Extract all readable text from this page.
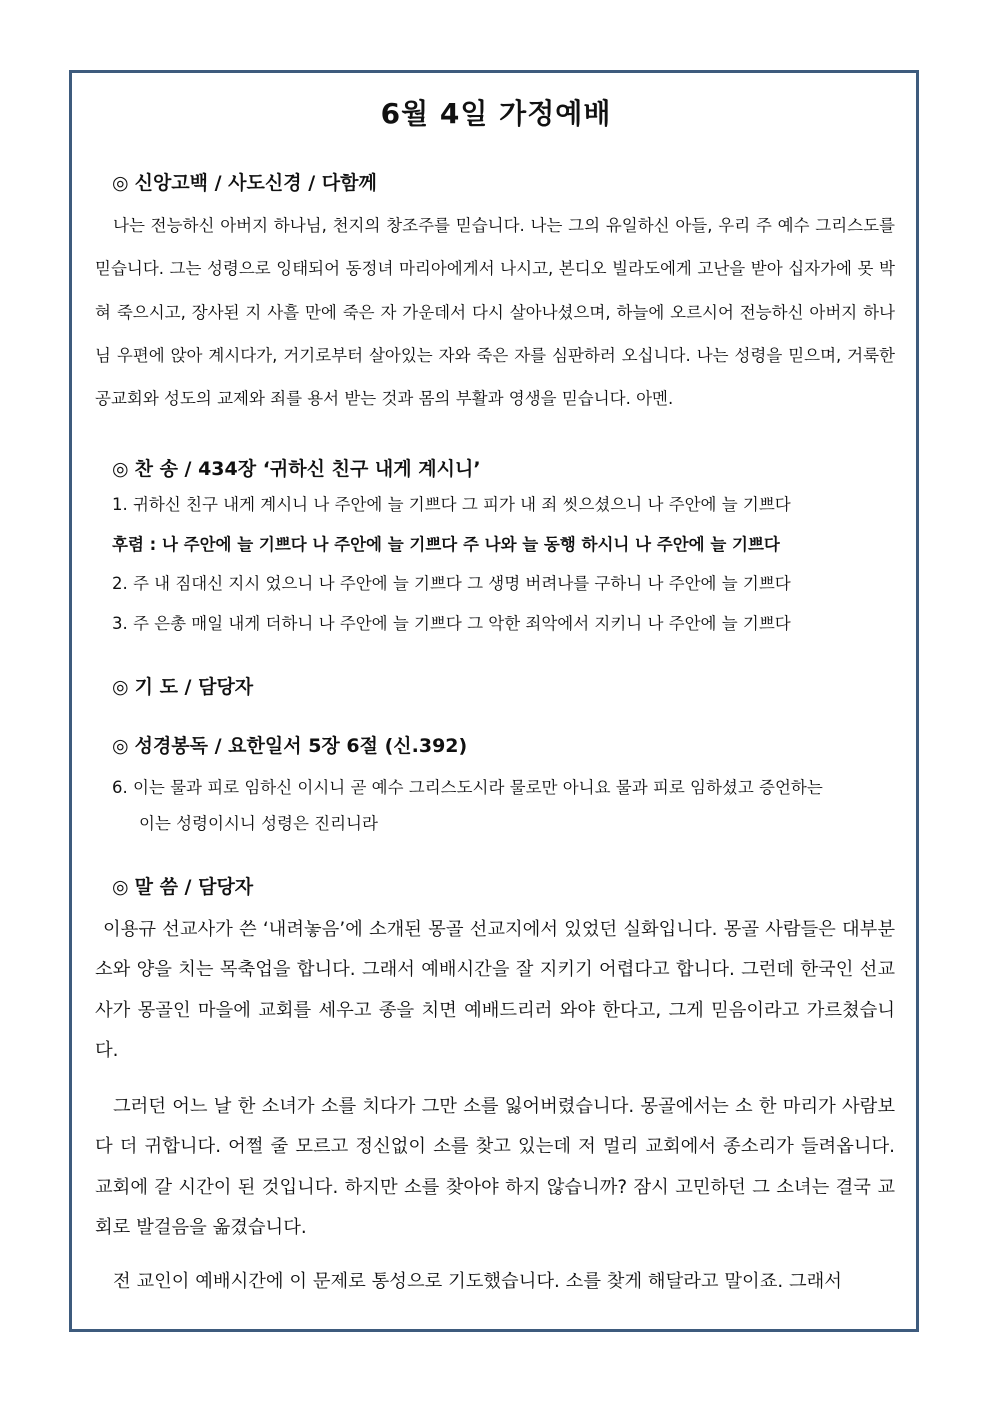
6월 4일 가정예배
◎ 신앙고백 / 사도신경 / 다함께

나는 전능하신 아버지 하나님, 천지의 창조주를 믿습니다. 나는 그의 유일하신 아들, 우리 주 예수 그리스도를 믿습니다. 그는 성령으로 잉태되어 동정녀 마리아에게서 나시고, 본디오 빌라도에게 고난을 받아 십자가에 못 박혀 죽으시고, 장사된 지 사흘 만에 죽은 자 가운데서 다시 살아나셨으며, 하늘에 오르시어 전능하신 아버지 하나님 우편에 앉아 계시다가, 거기로부터 살아있는 자와 죽은 자를 심판하러 오십니다. 나는 성령을 믿으며, 거룩한 공교회와 성도의 교제와 죄를 용서 받는 것과 몸의 부활과 영생을 믿습니다. 아멘.

◎ 찬 송 / 434장 ‘귀하신 친구 내게 계시니’
1. 귀하신 친구 내게 계시니 나 주안에 늘 기쁘다 그 피가 내 죄 씻으셨으니 나 주안에 늘 기쁘다
후렴 : 나 주안에 늘 기쁘다 나 주안에 늘 기쁘다 주 나와 늘 동행 하시니 나 주안에 늘 기쁘다
2. 주 내 짐대신 지시 었으니 나 주안에 늘 기쁘다 그 생명 버려나를 구하니 나 주안에 늘 기쁘다
3. 주 은총 매일 내게 더하니 나 주안에 늘 기쁘다 그 악한 죄악에서 지키니 나 주안에 늘 기쁘다
◎ 기 도 / 담당자
◎ 성경봉독 / 요한일서 5장 6절 (신.392)
6. 이는 물과 피로 임하신 이시니 곧 예수 그리스도시라 물로만 아니요 물과 피로 임하셨고 증언하는
이는 성령이시니 성령은 진리니라
◎ 말 씀 / 담당자

이용규 선교사가 쓴 ‘내려놓음’에 소개된 몽골 선교지에서 있었던 실화입니다. 몽골 사람들은 대부분 소와 양을 치는 목축업을 합니다. 그래서 예배시간을 잘 지키기 어렵다고 합니다. 그런데 한국인 선교사가 몽골인 마을에 교회를 세우고 종을 치면 예배드리러 와야 한다고, 그게 믿음이라고 가르쳤습니다.

그러던 어느 날 한 소녀가 소를 치다가 그만 소를 잃어버렸습니다. 몽골에서는 소 한 마리가 사람보다 더 귀합니다. 어쩔 줄 모르고 정신없이 소를 찾고 있는데 저 멀리 교회에서 종소리가 들려옵니다. 교회에 갈 시간이 된 것입니다. 하지만 소를 찾아야 하지 않습니까? 잠시 고민하던 그 소녀는 결국 교회로 발걸음을 옮겼습니다.

전 교인이 예배시간에 이 문제로 통성으로 기도했습니다. 소를 찾게 해달라고 말이죠. 그래서
